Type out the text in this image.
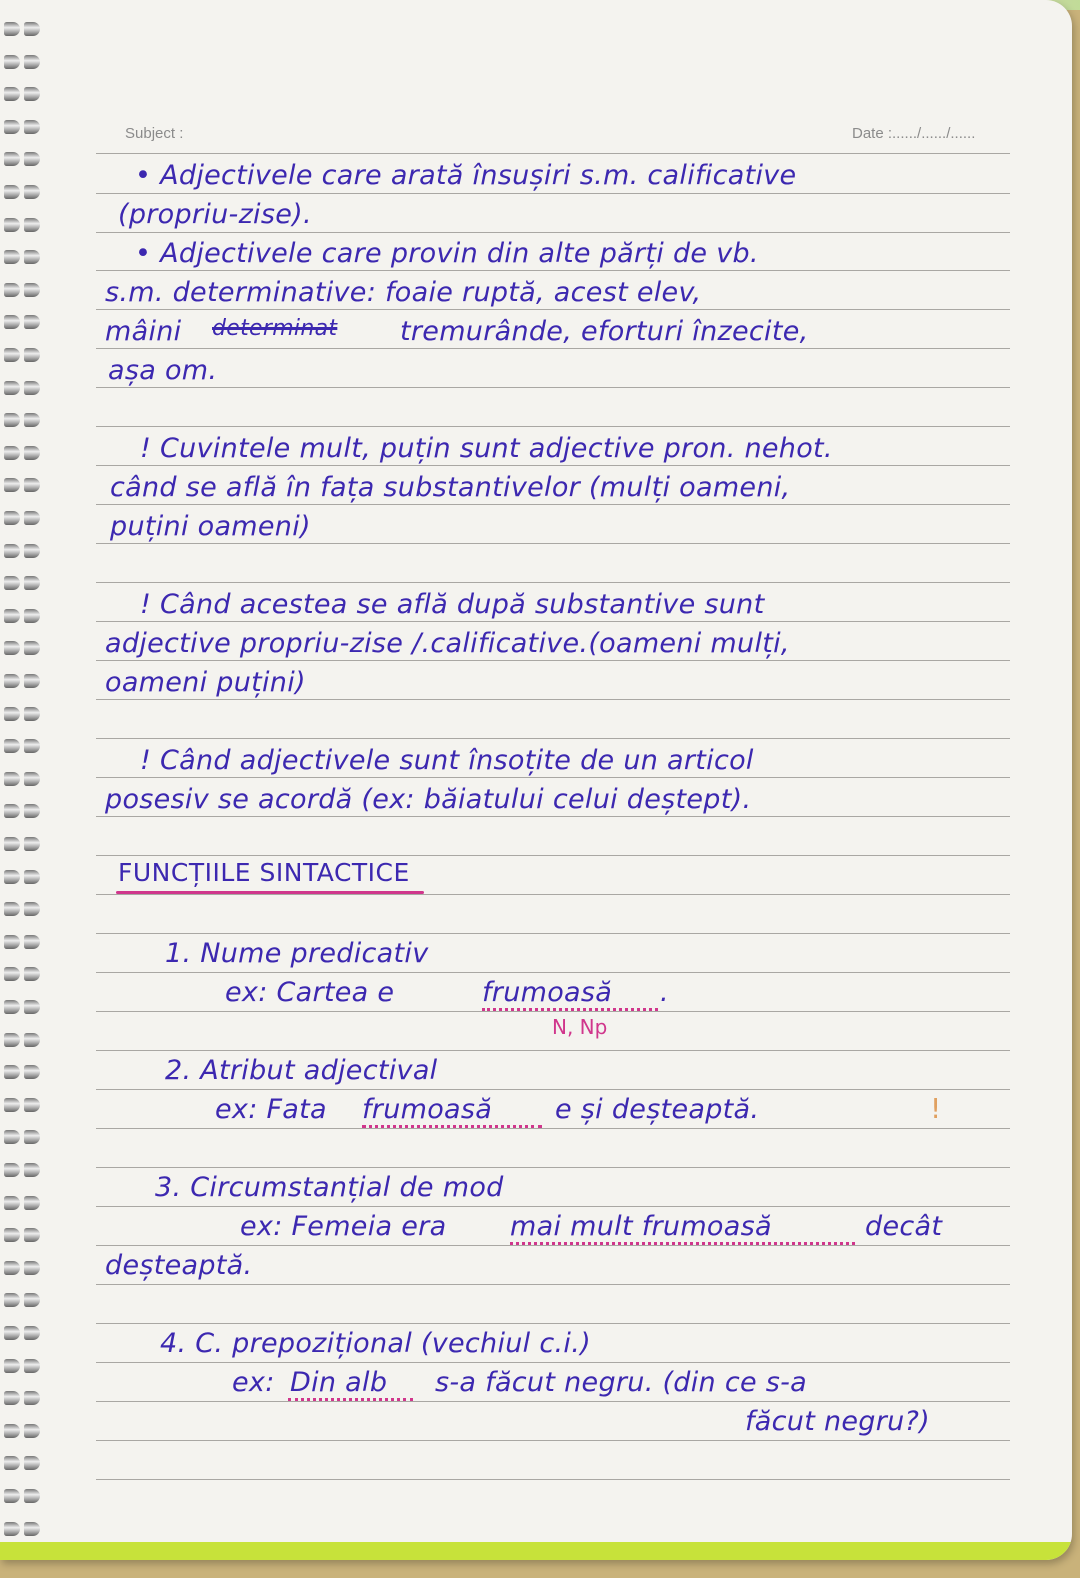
Subject :	Date :....../....../......
• Adjectivele care arată însușiri s.m. calificative
(propriu-zise).
• Adjectivele care provin din alte părți de vb.
s.m. determinative: foaie ruptă, acest elev,
mâini determinat tremurânde, eforturi înzecite,
așa om.
! Cuvintele mult, puțin sunt adjective pron. nehot.
când se află în fața substantivelor (mulți oameni,
puțini oameni)
! Când acestea se află după substantive sunt
adjective propriu-zise /.calificative.(oameni mulți,
oameni puțini)
! Când adjectivele sunt însoțite de un articol
posesiv se acordă (ex: băiatului celui deștept).
FUNCȚIILE SINTACTICE
1. Nume predicativ
ex: Cartea e	frumoasă .
N, Np
2. Atribut adjectival
ex: Fata frumoasă e și deșteaptă.	!
3. Circumstanțial de mod
ex: Femeia era mai mult frumoasă	decât
deșteaptă.
4. C. prepozițional (vechiul c.i.)
ex: Din alb s-a făcut negru. (din ce s-a
făcut negru?)
